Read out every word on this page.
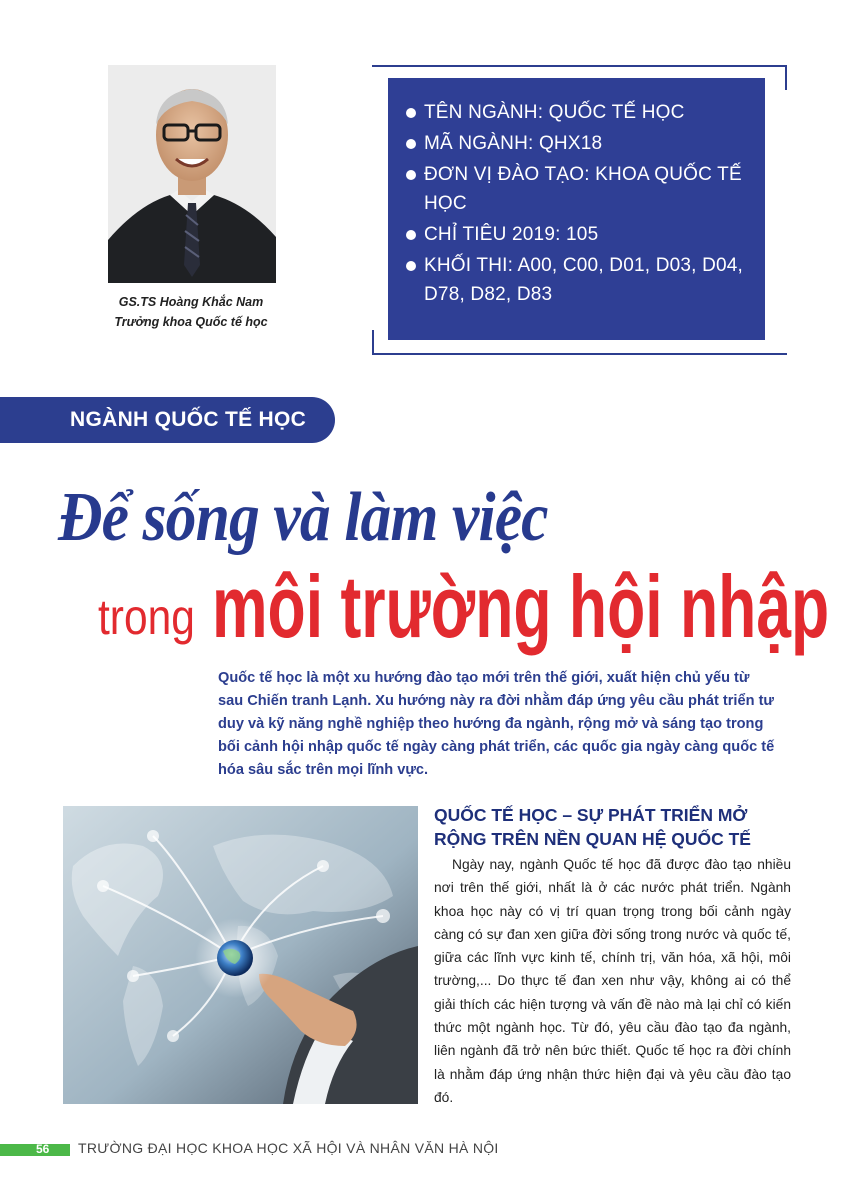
GS.TS Hoàng Khắc Nam
Trưởng khoa Quốc tế học
TÊN NGÀNH: QUỐC TẾ HỌC
MÃ NGÀNH: QHX18
ĐƠN VỊ ĐÀO TẠO: KHOA QUỐC TẾ HỌC
CHỈ TIÊU 2019: 105
KHỐI THI: A00, C00, D01, D03, D04, D78, D82, D83
NGÀNH QUỐC TẾ HỌC
Để sống và làm việc
trong môi trường hội nhập
Quốc tế học là một xu hướng đào tạo mới trên thế giới, xuất hiện chủ yếu từ sau Chiến tranh Lạnh. Xu hướng này ra đời nhằm đáp ứng yêu cầu phát triển tư duy và kỹ năng nghề nghiệp theo hướng đa ngành, rộng mở và sáng tạo trong bối cảnh hội nhập quốc tế ngày càng phát triển, các quốc gia ngày càng quốc tế hóa sâu sắc trên mọi lĩnh vực.
QUỐC TẾ HỌC – SỰ PHÁT TRIỂN MỞ RỘNG TRÊN NỀN QUAN HỆ QUỐC TẾ
Ngày nay, ngành Quốc tế học đã được đào tạo nhiều nơi trên thế giới, nhất là ở các nước phát triển. Ngành khoa học này có vị trí quan trọng trong bối cảnh ngày càng có sự đan xen giữa đời sống trong nước và quốc tế, giữa các lĩnh vực kinh tế, chính trị, văn hóa, xã hội, môi trường,... Do thực tế đan xen như vậy, không ai có thể giải thích các hiện tượng và vấn đề nào mà lại chỉ có kiến thức một ngành học. Từ đó, yêu cầu đào tạo đa ngành, liên ngành đã trở nên bức thiết. Quốc tế học ra đời chính là nhằm đáp ứng nhận thức hiện đại và yêu cầu đào tạo đó.
56 TRƯỜNG ĐẠI HỌC KHOA HỌC XÃ HỘI VÀ NHÂN VĂN HÀ NỘI
